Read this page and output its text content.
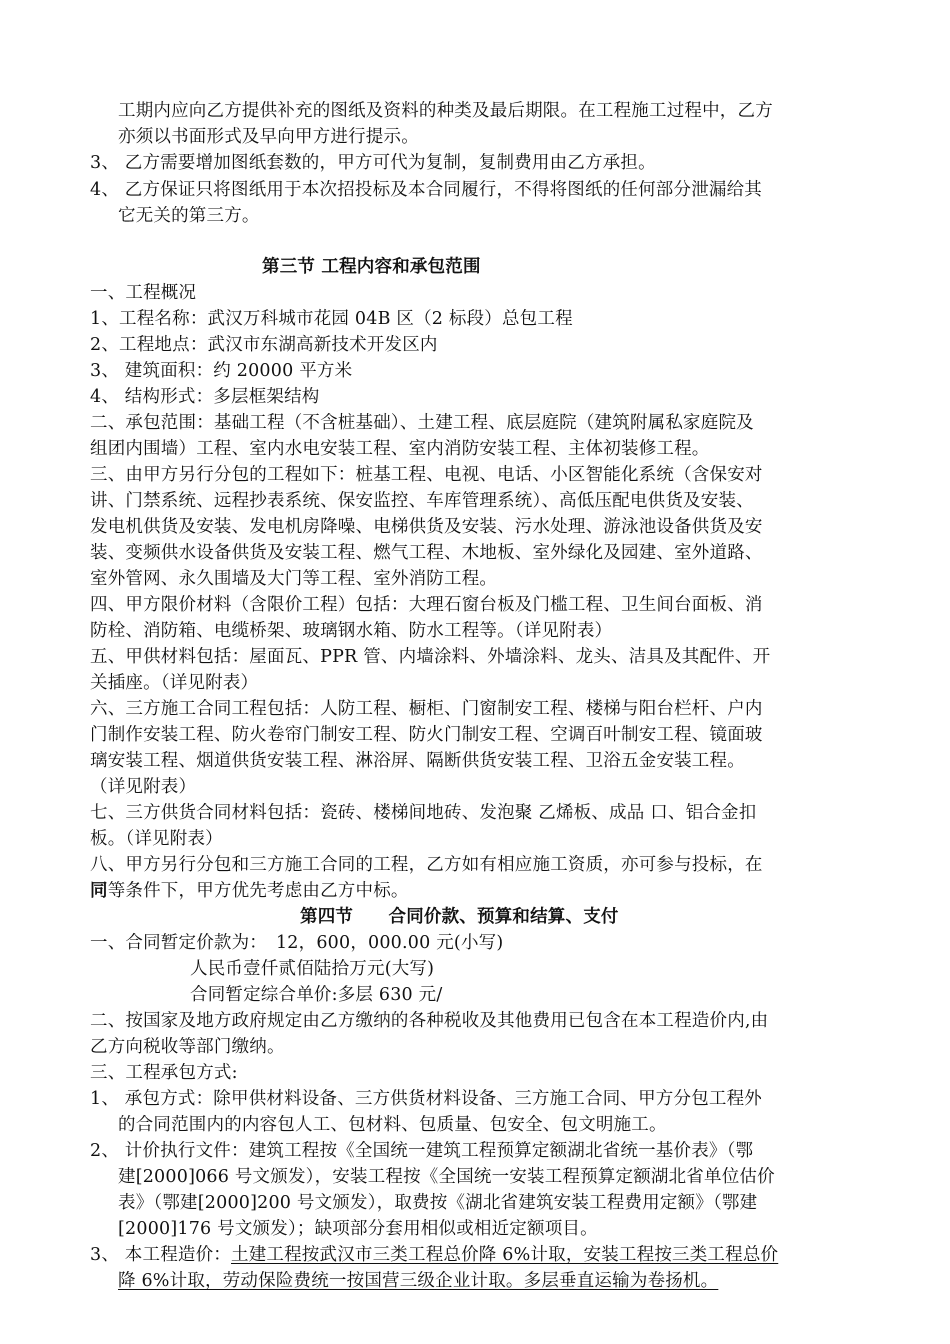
工期内应向乙方提供补充的图纸及资料的种类及最后期限。在工程施工过程中，乙方
亦须以书面形式及早向甲方进行提示。
3、 乙方需要增加图纸套数的，甲方可代为复制，复制费用由乙方承担。
4、 乙方保证只将图纸用于本次招投标及本合同履行，不得将图纸的任何部分泄漏给其
它无关的第三方。
第三节 工程内容和承包范围
一、工程概况
1、工程名称：武汉万科城市花园 04B 区（2 标段）总包工程
2、工程地点：武汉市东湖高新技术开发区内
3、 建筑面积：约 20000 平方米
4、 结构形式：多层框架结构
二、承包范围：基础工程（不含桩基础）、土建工程、底层庭院（建筑附属私家庭院及
组团内围墙）工程、室内水电安装工程、室内消防安装工程、主体初装修工程。
三、由甲方另行分包的工程如下：桩基工程、电视、电话、小区智能化系统（含保安对
讲、门禁系统、远程抄表系统、保安监控、车库管理系统）、高低压配电供货及安装、
发电机供货及安装、发电机房降噪、电梯供货及安装、污水处理、游泳池设备供货及安
装、变频供水设备供货及安装工程、燃气工程、木地板、室外绿化及园建、室外道路、
室外管网、永久围墙及大门等工程、室外消防工程。
四、甲方限价材料（含限价工程）包括：大理石窗台板及门槛工程、卫生间台面板、消
防栓、消防箱、电缆桥架、玻璃钢水箱、防水工程等。（详见附表）
五、甲供材料包括：屋面瓦、PPR 管、内墙涂料、外墙涂料、龙头、洁具及其配件、开
关插座。（详见附表）
六、三方施工合同工程包括：人防工程、橱柜、门窗制安工程、楼梯与阳台栏杆、户内
门制作安装工程、防火卷帘门制安工程、防火门制安工程、空调百叶制安工程、镜面玻
璃安装工程、烟道供货安装工程、淋浴屏、隔断供货安装工程、卫浴五金安装工程。
（详见附表）
七、三方供货合同材料包括：瓷砖、楼梯间地砖、发泡聚 乙烯板、成品 口、铝合金扣
板。（详见附表）
八、甲方另行分包和三方施工合同的工程，乙方如有相应施工资质，亦可参与投标，在
同等条件下，甲方优先考虑由乙方中标。
第四节　　合同价款、预算和结算、支付
一、合同暂定价款为：　12，600，000.00 元(小写)
人民币壹仟贰佰陆拾万元(大写)
合同暂定综合单价:多层 630 元/
二、按国家及地方政府规定由乙方缴纳的各种税收及其他费用已包含在本工程造价内,由
乙方向税收等部门缴纳。
三、工程承包方式:
1、 承包方式：除甲供材料设备、三方供货材料设备、三方施工合同、甲方分包工程外
的合同范围内的内容包人工、包材料、包质量、包安全、包文明施工。
2、 计价执行文件：建筑工程按《全国统一建筑工程预算定额湖北省统一基价表》（鄂
建[2000]066 号文颁发），安装工程按《全国统一安装工程预算定额湖北省单位估价
表》（鄂建[2000]200 号文颁发），取费按《湖北省建筑安装工程费用定额》（鄂建
[2000]176 号文颁发）；缺项部分套用相似或相近定额项目。
3、 本工程造价：土建工程按武汉市三类工程总价降 6%计取，安装工程按三类工程总价
降 6%计取，劳动保险费统一按国营三级企业计取。多层垂直运输为卷扬机。
